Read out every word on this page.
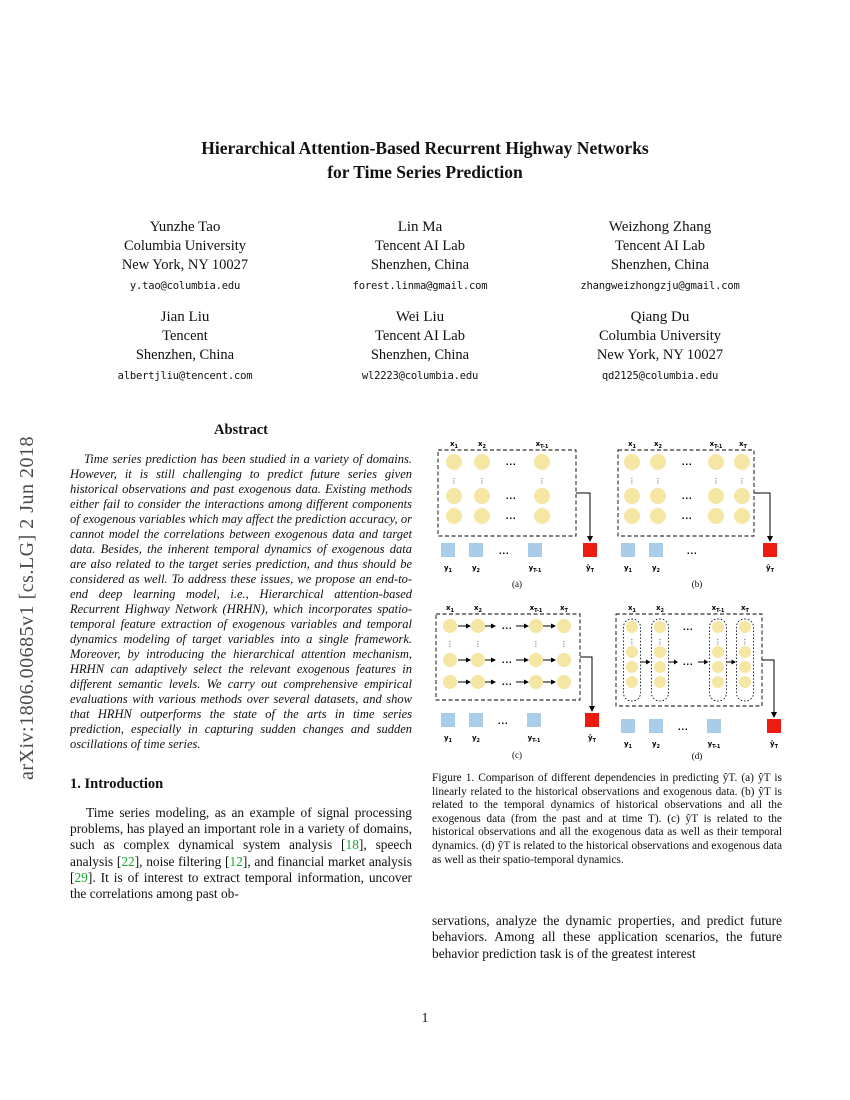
arXiv:1806.00685v1 [cs.LG] 2 Jun 2018
Hierarchical Attention-Based Recurrent Highway Networks
for Time Series Prediction
Yunzhe Tao
Columbia University
New York, NY 10027
y.tao@columbia.edu
Lin Ma
Tencent AI Lab
Shenzhen, China
forest.linma@gmail.com
Weizhong Zhang
Tencent AI Lab
Shenzhen, China
zhangweizhongzju@gmail.com
Jian Liu
Tencent
Shenzhen, China
albertjliu@tencent.com
Wei Liu
Tencent AI Lab
Shenzhen, China
wl2223@columbia.edu
Qiang Du
Columbia University
New York, NY 10027
qd2125@columbia.edu
Abstract

Time series prediction has been studied in a variety of domains. However, it is still challenging to predict future series given historical observations and past exogenous data. Existing methods either fail to consider the interactions among different components of exogenous variables which may affect the prediction accuracy, or cannot model the correlations between exogenous data and target data. Besides, the inherent temporal dynamics of exogenous data are also related to the target series prediction, and thus should be considered as well. To address these issues, we propose an end-to-end deep learning model, i.e., Hierarchical attention-based Recurrent Highway Network (HRHN), which incorporates spatio-temporal feature extraction of exogenous variables and temporal dynamics modeling of target variables into a single framework. Moreover, by introducing the hierarchical attention mechanism, HRHN can adaptively select the relevant exogenous features in different semantic levels. We carry out comprehensive empirical evaluations with various methods over several datasets, and show that HRHN outperforms the state of the arts in time series prediction, especially in capturing sudden changes and sudden oscillations of time series.

1. Introduction

Time series modeling, as an example of signal processing problems, has played an important role in a variety of domains, such as complex dynamical system analysis [18], speech analysis [22], noise filtering [12], and financial market analysis [29]. It is of interest to extract temporal information, uncover the correlations among past ob-

$x_1$	$x_2$	$x_{T-1}$
⋮	⋮	⋮
...
...
...
...
$y_1$	$y_2$	$y_{T-1}$	$ŷ_T$
(a)
$x_1$	$x_2$	$x_{T-1}$ $x_T$
⋮	⋮	⋮	⋮
...
...
...
...
$y_1$	$y_2$	$ŷ_T$
(b)
$x_1$	$x_2$	$x_{T-1}$	$x_T$
⋮	⋮	⋮	⋮
...
...
...
...
$y_1$	$y_2$	$y_{T-1}$	$ŷ_T$
(c)
$x_1$	$x_2$	$x_{T-1}$ $x_T$
⋮	⋮	⋮	⋮
...
...
...
$y_1$	$y_2$	$y_{T-1}$	$ŷ_T$
(d)
Figure 1. Comparison of different dependencies in predicting ŷT. (a) ŷT is linearly related to the historical observations and exogenous data. (b) ŷT is related to the temporal dynamics of historical observations and all the exogenous data (from the past and at time T). (c) ŷT is related to the historical observations and all the exogenous data as well as their temporal dynamics. (d) ŷT is related to the historical observations and exogenous data as well as their spatio-temporal dynamics.

servations, analyze the dynamic properties, and predict future behaviors. Among all these application scenarios, the future behavior prediction task is of the greatest interest

1
